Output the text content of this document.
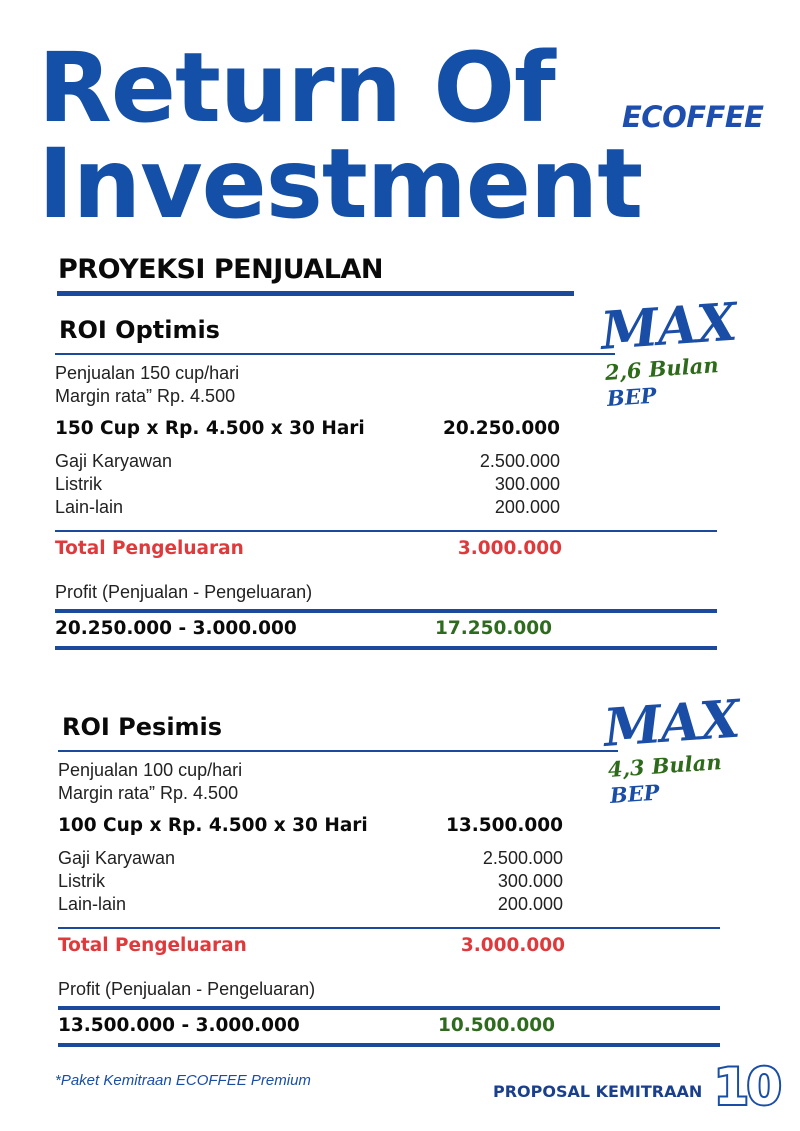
Return Of
Investment
ECOFFEE
PROYEKSI PENJUALAN
ROI Optimis
Penjualan 150 cup/hari
Margin rata” Rp. 4.500
150 Cup x Rp. 4.500 x 30 Hari	20.250.000
Gaji Karyawan	2.500.000
Listrik	300.000
Lain-lain	200.000
Total Pengeluaran	3.000.000
Profit (Penjualan - Pengeluaran)
20.250.000 - 3.000.000	17.250.000
MAX
2,6 Bulan
BEP
ROI Pesimis
Penjualan 100 cup/hari
Margin rata” Rp. 4.500
100 Cup x Rp. 4.500 x 30 Hari	13.500.000
Gaji Karyawan	2.500.000
Listrik	300.000
Lain-lain	200.000
Total Pengeluaran	3.000.000
Profit (Penjualan - Pengeluaran)
13.500.000 - 3.000.000	10.500.000
MAX
4,3 Bulan
BEP
*Paket Kemitraan ECOFFEE Premium
PROPOSAL KEMITRAAN 10
